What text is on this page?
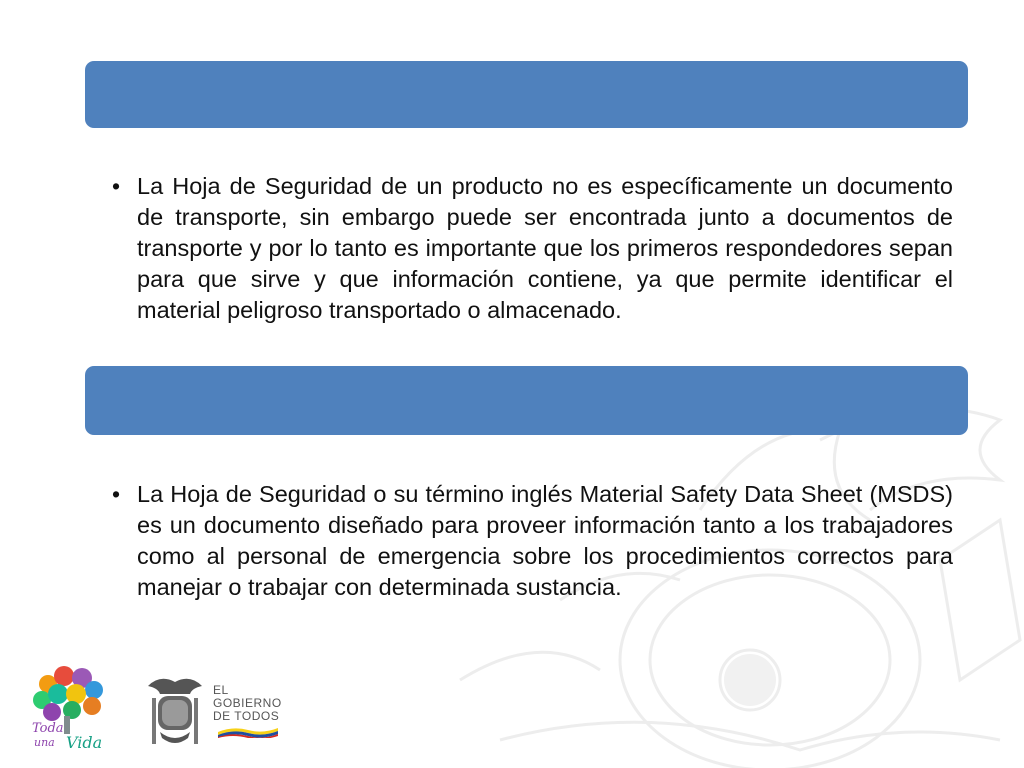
• La Hoja de Seguridad de un producto no es específicamente un documento de transporte, sin embargo puede ser encontrada junto a documentos de transporte y por lo tanto es importante que los primeros respondedores sepan para que sirve y que información contiene, ya que permite identificar el material peligroso transportado o almacenado.
• La Hoja de Seguridad o su término inglés Material Safety Data Sheet (MSDS) es un documento diseñado para proveer información tanto a los trabajadores como al personal de emergencia sobre los procedimientos correctos para manejar o trabajar con determinada sustancia.
Toda
una Vida
EL
GOBIERNO
DE TODOS
